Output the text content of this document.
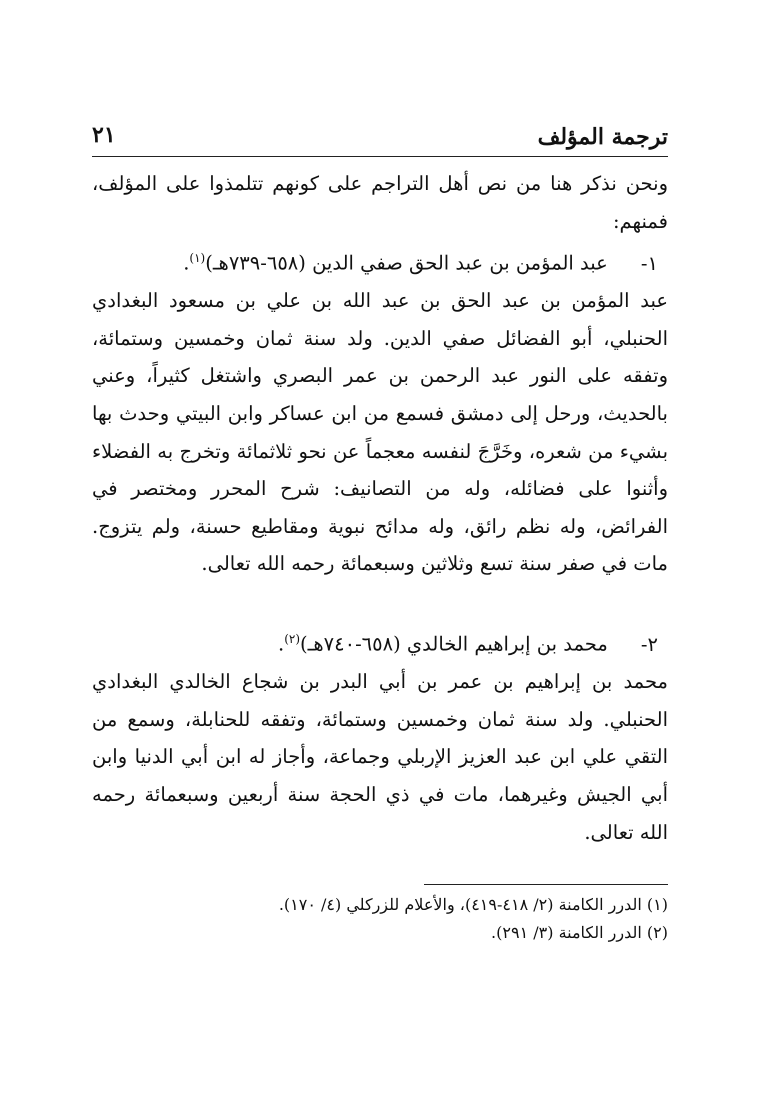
ترجمة المؤلف
٢١

ونحن نذكر هنا من نص أهل التراجم على كونهم تتلمذوا على المؤلف، فمنهم:

١- عبد المؤمن بن عبد الحق صفي الدين (٦٥٨-٧٣٩هـ)$^{(١)}$.

عبد المؤمن بن عبد الحق بن عبد الله بن علي بن مسعود البغدادي الحنبلي، أبو الفضائل صفي الدين. ولد سنة ثمان وخمسين وستمائة، وتفقه على النور عبد الرحمن بن عمر البصري واشتغل كثيراً، وعني بالحديث، ورحل إلى دمشق فسمع من ابن عساكر وابن البيتي وحدث بها بشيء من شعره، وخَرَّجَ لنفسه معجماً عن نحو ثلاثمائة وتخرج به الفضلاء وأثنوا على فضائله، وله من التصانيف: شرح المحرر ومختصر في الفرائض، وله نظم رائق، وله مدائح نبوية ومقاطيع حسنة، ولم يتزوج. مات في صفر سنة تسع وثلاثين وسبعمائة رحمه الله تعالى.

٢- محمد بن إبراهيم الخالدي (٦٥٨-٧٤٠هـ)$^{(٢)}$.

محمد بن إبراهيم بن عمر بن أبي البدر بن شجاع الخالدي البغدادي الحنبلي. ولد سنة ثمان وخمسين وستمائة، وتفقه للحنابلة، وسمع من التقي علي ابن عبد العزيز الإربلي وجماعة، وأجاز له ابن أبي الدنيا وابن أبي الجيش وغيرهما، مات في ذي الحجة سنة أربعين وسبعمائة رحمه الله تعالى.

(١) الدرر الكامنة (٢/ ٤١٨-٤١٩)، والأعلام للزركلي (٤/ ١٧٠).

(٢) الدرر الكامنة (٣/ ٢٩١).
